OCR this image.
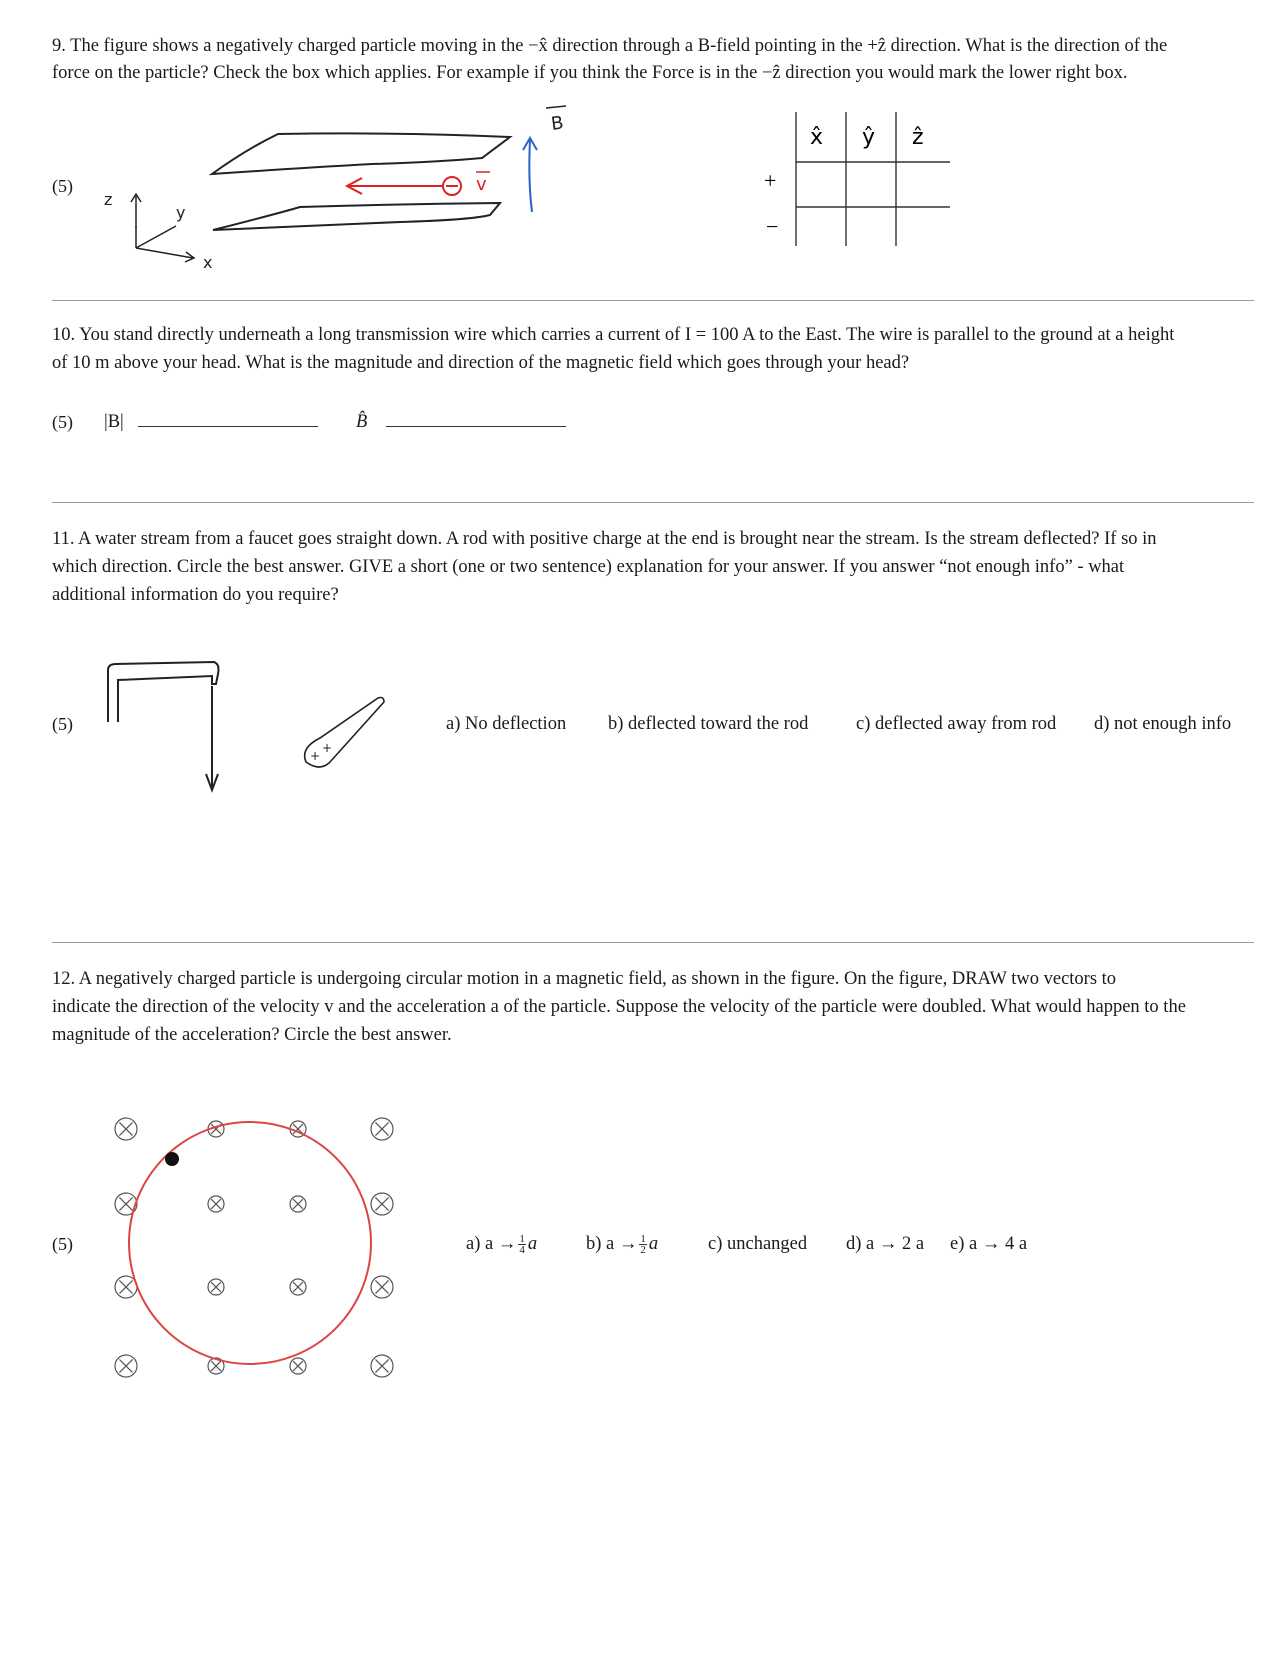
9. The figure shows a negatively charged particle moving in the −x̂ direction through a B-field pointing in the +ẑ direction. What is the direction of the

force on the particle? Check the box which applies. For example if you think the Force is in the −ẑ direction you would mark the lower right box.

(5)	v
B
z
y
x
x̂ ŷ ẑ
+
−

10. You stand directly underneath a long transmission wire which carries a current of I = 100 A to the East. The wire is parallel to the ground at a height

of 10 m above your head. What is the magnitude and direction of the magnetic field which goes through your head?

(5) |B|	B̂

11. A water stream from a faucet goes straight down. A rod with positive charge at the end is brought near the stream. Is the stream deflected? If so in

which direction. Circle the best answer. GIVE a short (one or two sentence) explanation for your answer. If you answer “not enough info” - what

additional information do you require?

(5)
+
+
a) No deflection b) deflected toward the rod	c) deflected away from rod d) not enough info

12. A negatively charged particle is undergoing circular motion in a magnetic field, as shown in the figure. On the figure, DRAW two vectors to

indicate the direction of the velocity v and the acceleration a of the particle. Suppose the velocity of the particle were doubled. What would happen to the

magnitude of the acceleration? Circle the best answer.

(5)	a) $a \to \frac{1}{4}$ a	b) $a \to \frac{1}{2}$ a	c) unchanged d) a → 2 a e) a → 4 a
